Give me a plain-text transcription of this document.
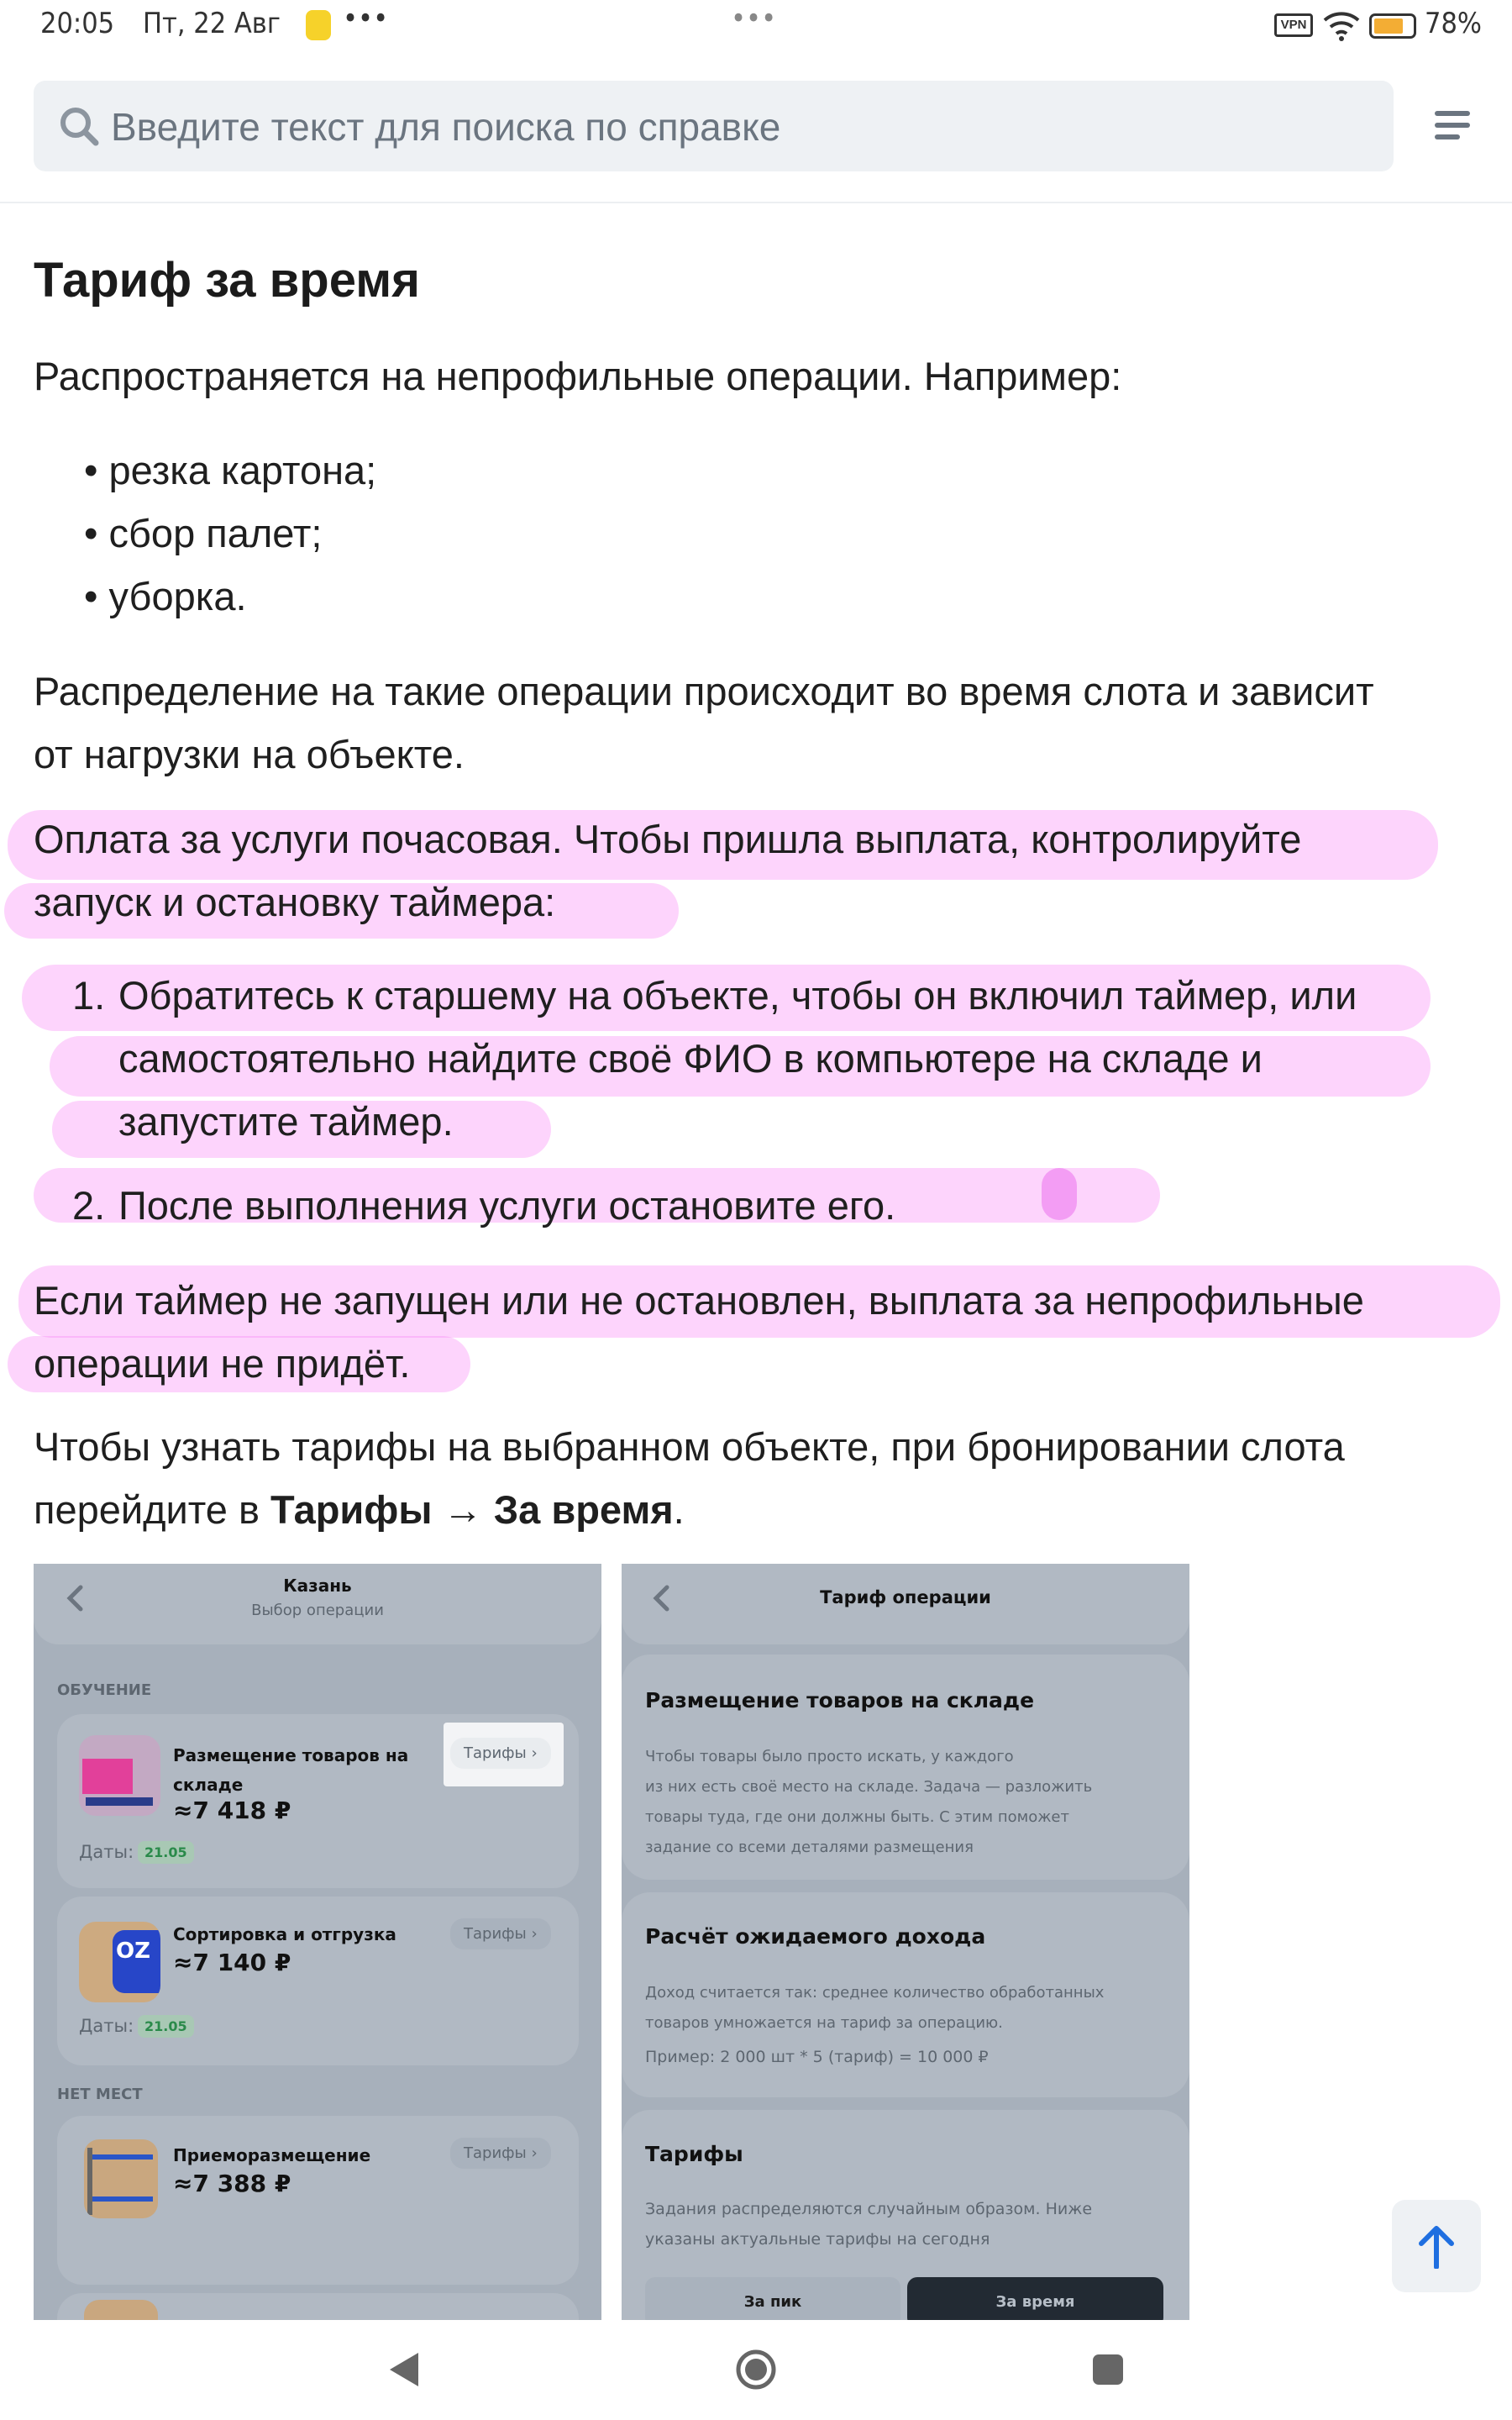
20:05 Пт, 22 Авг •••	•••	VPN	78%
Введите текст для поиска по справке
Тариф за время
Распространяется на непрофильные операции. Например:
• резка картона;
• сбор палет;
• уборка.
Распределение на такие операции происходит во время слота и зависит
от нагрузки на объекте.
Оплата за услуги почасовая. Чтобы пришла выплата, контролируйте
запуск и остановку таймера:
1. Обратитесь к старшему на объекте, чтобы он включил таймер, или
самостоятельно найдите своё ФИО в компьютере на складе и
запустите таймер.
2. После выполнения услуги остановите его.
Если таймер не запущен или не остановлен, выплата за непрофильные
операции не придёт.
Чтобы узнать тарифы на выбранном объекте, при бронировании слота
перейдите в Тарифы → За время.
Казань
Выбор операции
ОБУЧЕНИЕ
Размещение товаров на
складе
≈7 418 ₽
Даты: 21.05
Тарифы ›
OZ
Сортировка и отгрузка
≈7 140 ₽
Даты: 21.05
Тарифы ›
НЕТ МЕСТ
Приеморазмещение
≈7 388 ₽
Тарифы ›
Тариф операции
Размещение товаров на складе
Чтобы товары было просто искать, у каждого
из них есть своё место на складе. Задача — разложить
товары туда, где они должны быть. С этим поможет
задание со всеми деталями размещения
Расчёт ожидаемого дохода
Доход считается так: среднее количество обработанных
товаров умножается на тариф за операцию.
Пример: 2 000 шт * 5 (тариф) = 10 000 ₽
Тарифы
Задания распределяются случайным образом. Ниже
указаны актуальные тарифы на сегодня
За пик	За время
